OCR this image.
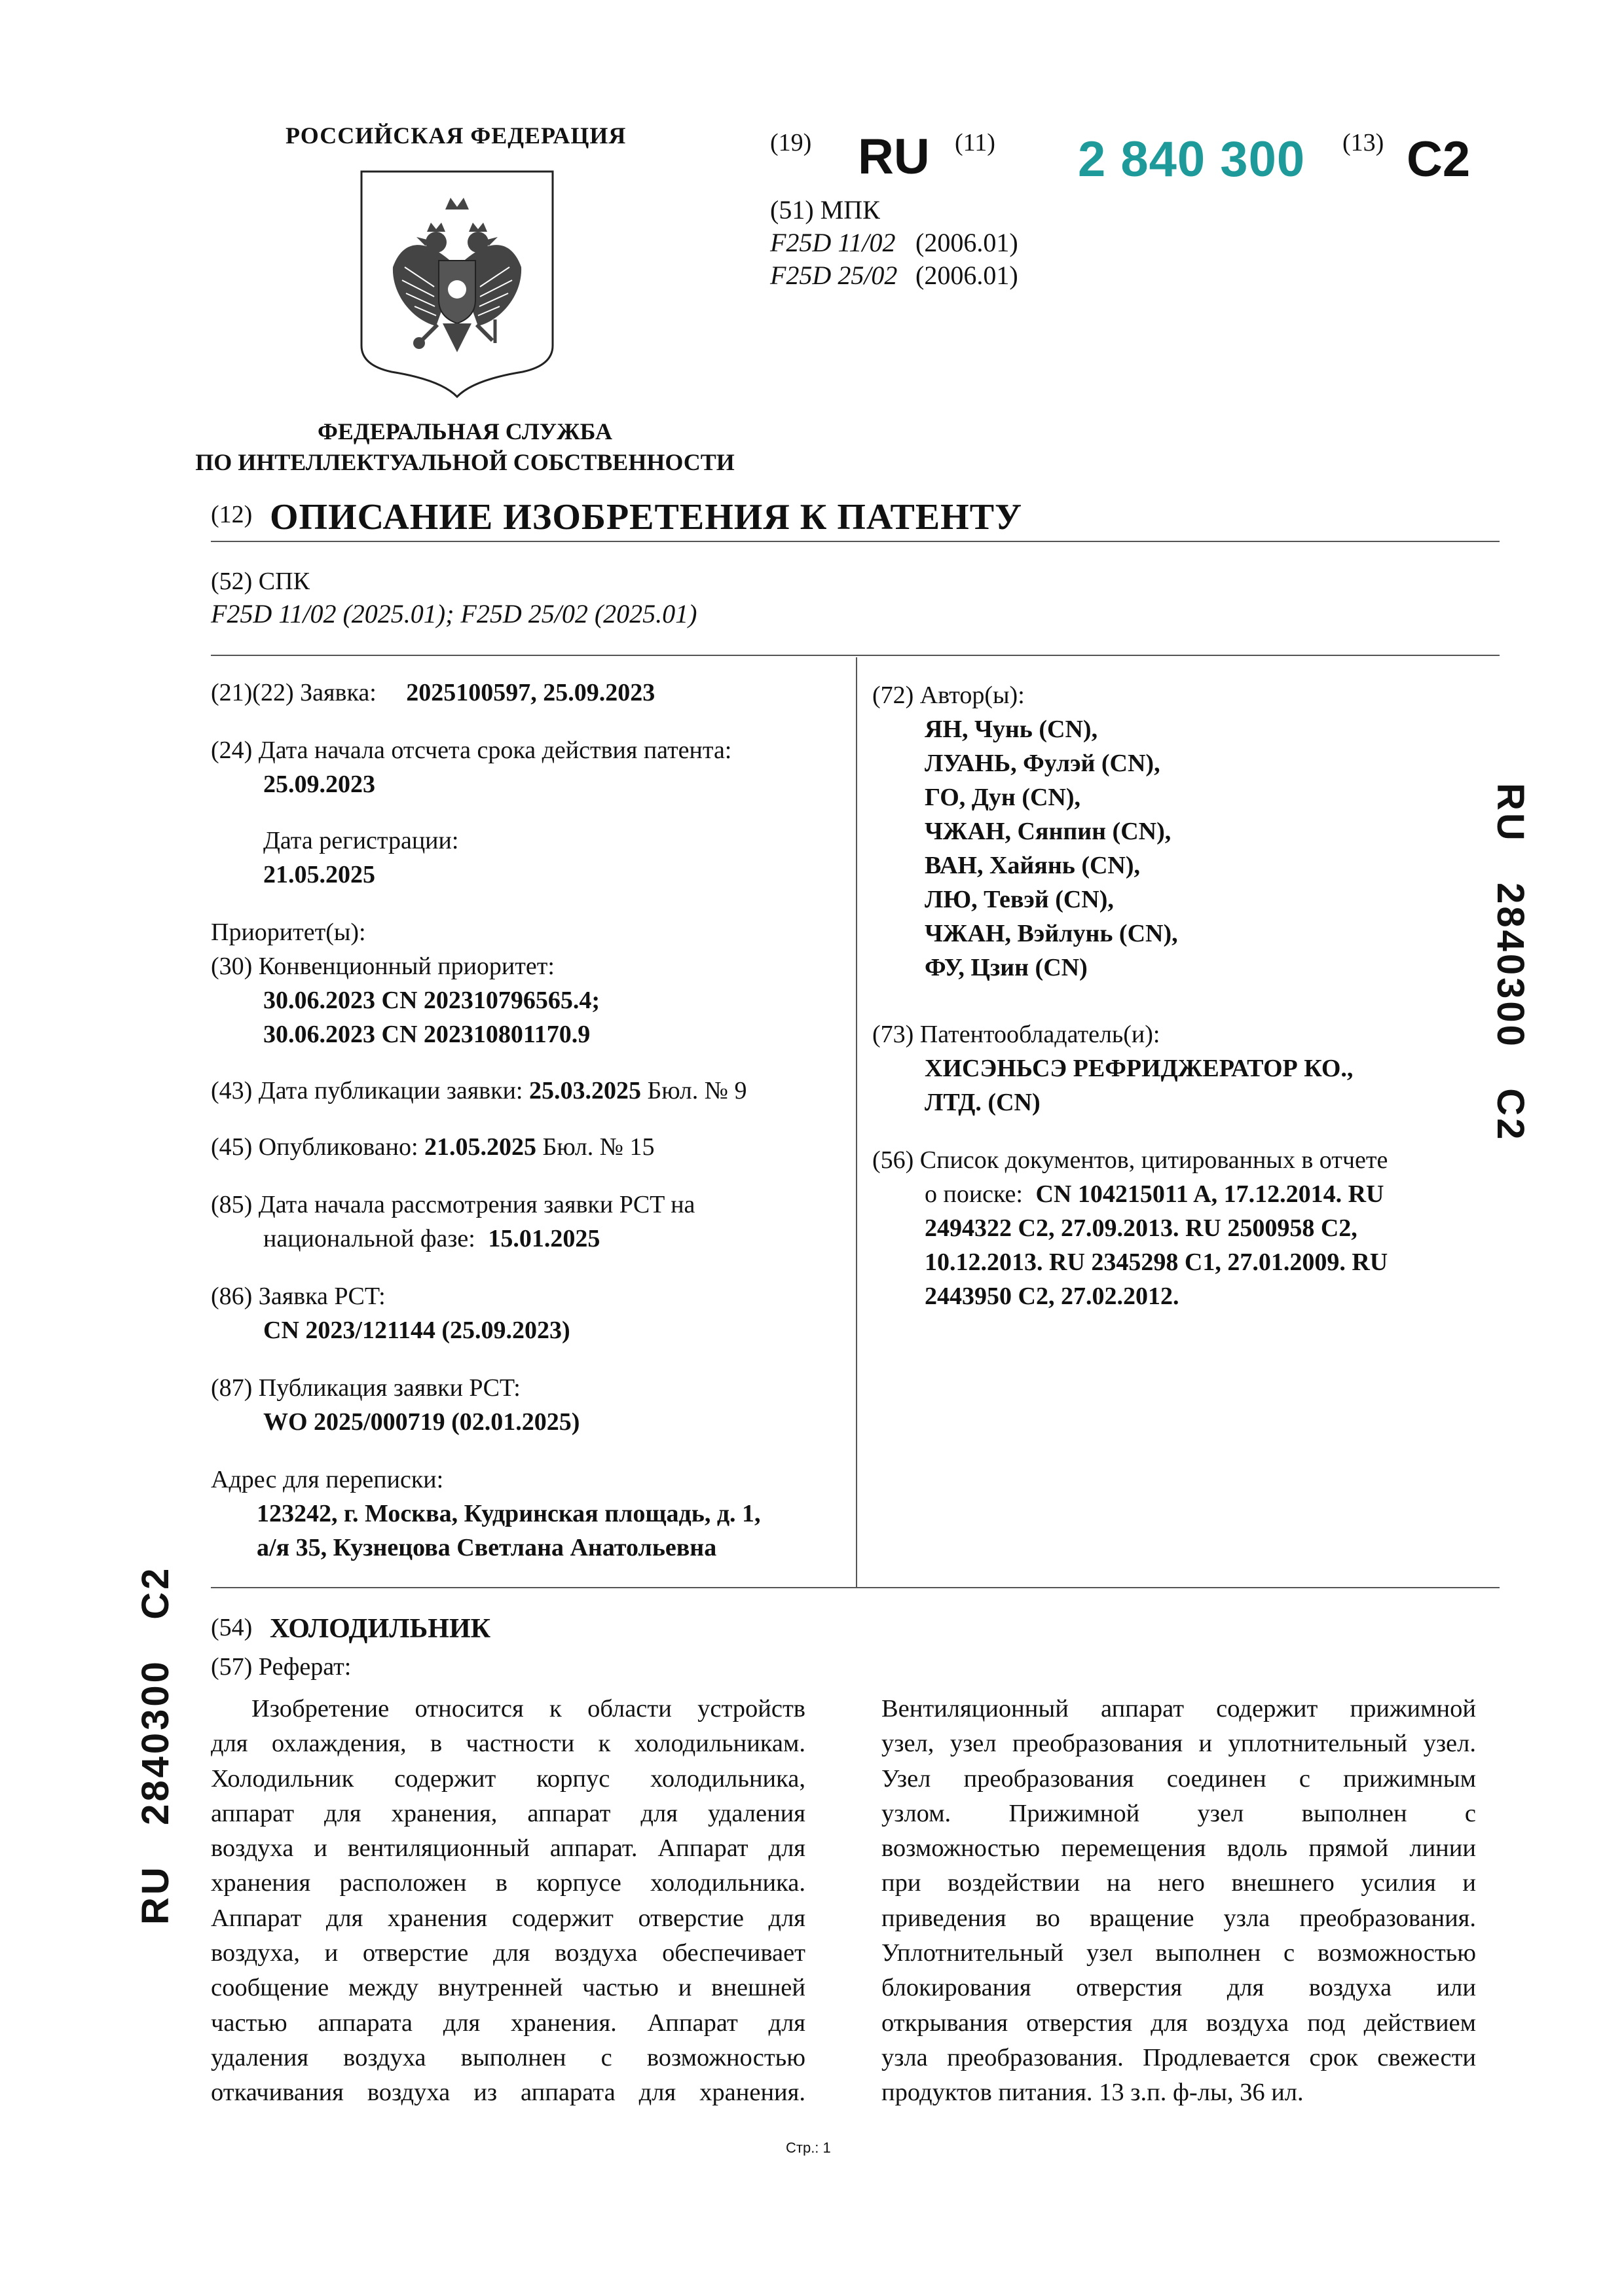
РОССИЙСКАЯ ФЕДЕРАЦИЯ
ФЕДЕРАЛЬНАЯ СЛУЖБА
ПО ИНТЕЛЛЕКТУАЛЬНОЙ СОБСТВЕННОСТИ
(19) RU (11) 2 840 300 (13) C2
(51) МПК
F25D 11/02 (2006.01)
F25D 25/02 (2006.01)
(12) ОПИСАНИЕ ИЗОБРЕТЕНИЯ К ПАТЕНТУ
(52) СПК
F25D 11/02 (2025.01); F25D 25/02 (2025.01)
(21)(22) Заявка: 2025100597, 25.09.2023
(24) Дата начала отсчета срока действия патента:
25.09.2023
Дата регистрации:
21.05.2025
Приоритет(ы):
(30) Конвенционный приоритет:
30.06.2023 CN 202310796565.4;
30.06.2023 CN 202310801170.9
(43) Дата публикации заявки: 25.03.2025 Бюл. № 9
(45) Опубликовано: 21.05.2025 Бюл. № 15
(85) Дата начала рассмотрения заявки PCT на
национальной фазе: 15.01.2025
(86) Заявка PCT:
CN 2023/121144 (25.09.2023)
(87) Публикация заявки PCT:
WO 2025/000719 (02.01.2025)
Адрес для переписки:
123242, г. Москва, Кудринская площадь, д. 1,
а/я 35, Кузнецова Светлана Анатольевна
(72) Автор(ы):
ЯН, Чунь (CN),
ЛУАНЬ, Фулэй (CN),
ГО, Дун (CN),
ЧЖАН, Сянпин (CN),
ВАН, Хайянь (CN),
ЛЮ, Тевэй (CN),
ЧЖАН, Вэйлунь (CN),
ФУ, Цзин (CN)
(73) Патентообладатель(и):
ХИСЭНЬСЭ РЕФРИДЖЕРАТОР КО.,
ЛТД. (CN)
(56) Список документов, цитированных в отчете
о поиске: CN 104215011 A, 17.12.2014. RU
2494322 C2, 27.09.2013. RU 2500958 C2,
10.12.2013. RU 2345298 C1, 27.01.2009. RU
2443950 C2, 27.02.2012.
(54) ХОЛОДИЛЬНИК
(57) Реферат:
Изобретение относится к области устройств
для охлаждения, в частности к холодильникам.
Холодильник содержит корпус холодильника,
аппарат для хранения, аппарат для удаления
воздуха и вентиляционный аппарат. Аппарат для
хранения расположен в корпусе холодильника.
Аппарат для хранения содержит отверстие для
воздуха, и отверстие для воздуха обеспечивает
сообщение между внутренней частью и внешней
частью аппарата для хранения. Аппарат для
удаления воздуха выполнен с возможностью
откачивания воздуха из аппарата для хранения.
Вентиляционный аппарат содержит прижимной
узел, узел преобразования и уплотнительный узел.
Узел преобразования соединен с прижимным
узлом. Прижимной узел выполнен с
возможностью перемещения вдоль прямой линии
при воздействии на него внешнего усилия и
приведения во вращение узла преобразования.
Уплотнительный узел выполнен с возможностью
блокирования отверстия для воздуха или
открывания отверстия для воздуха под действием
узла преобразования. Продлевается срок свежести
продуктов питания. 13 з.п. ф-лы, 36 ил.
Стр.: 1
RU   2840300   C2
RU   2840300   C2
